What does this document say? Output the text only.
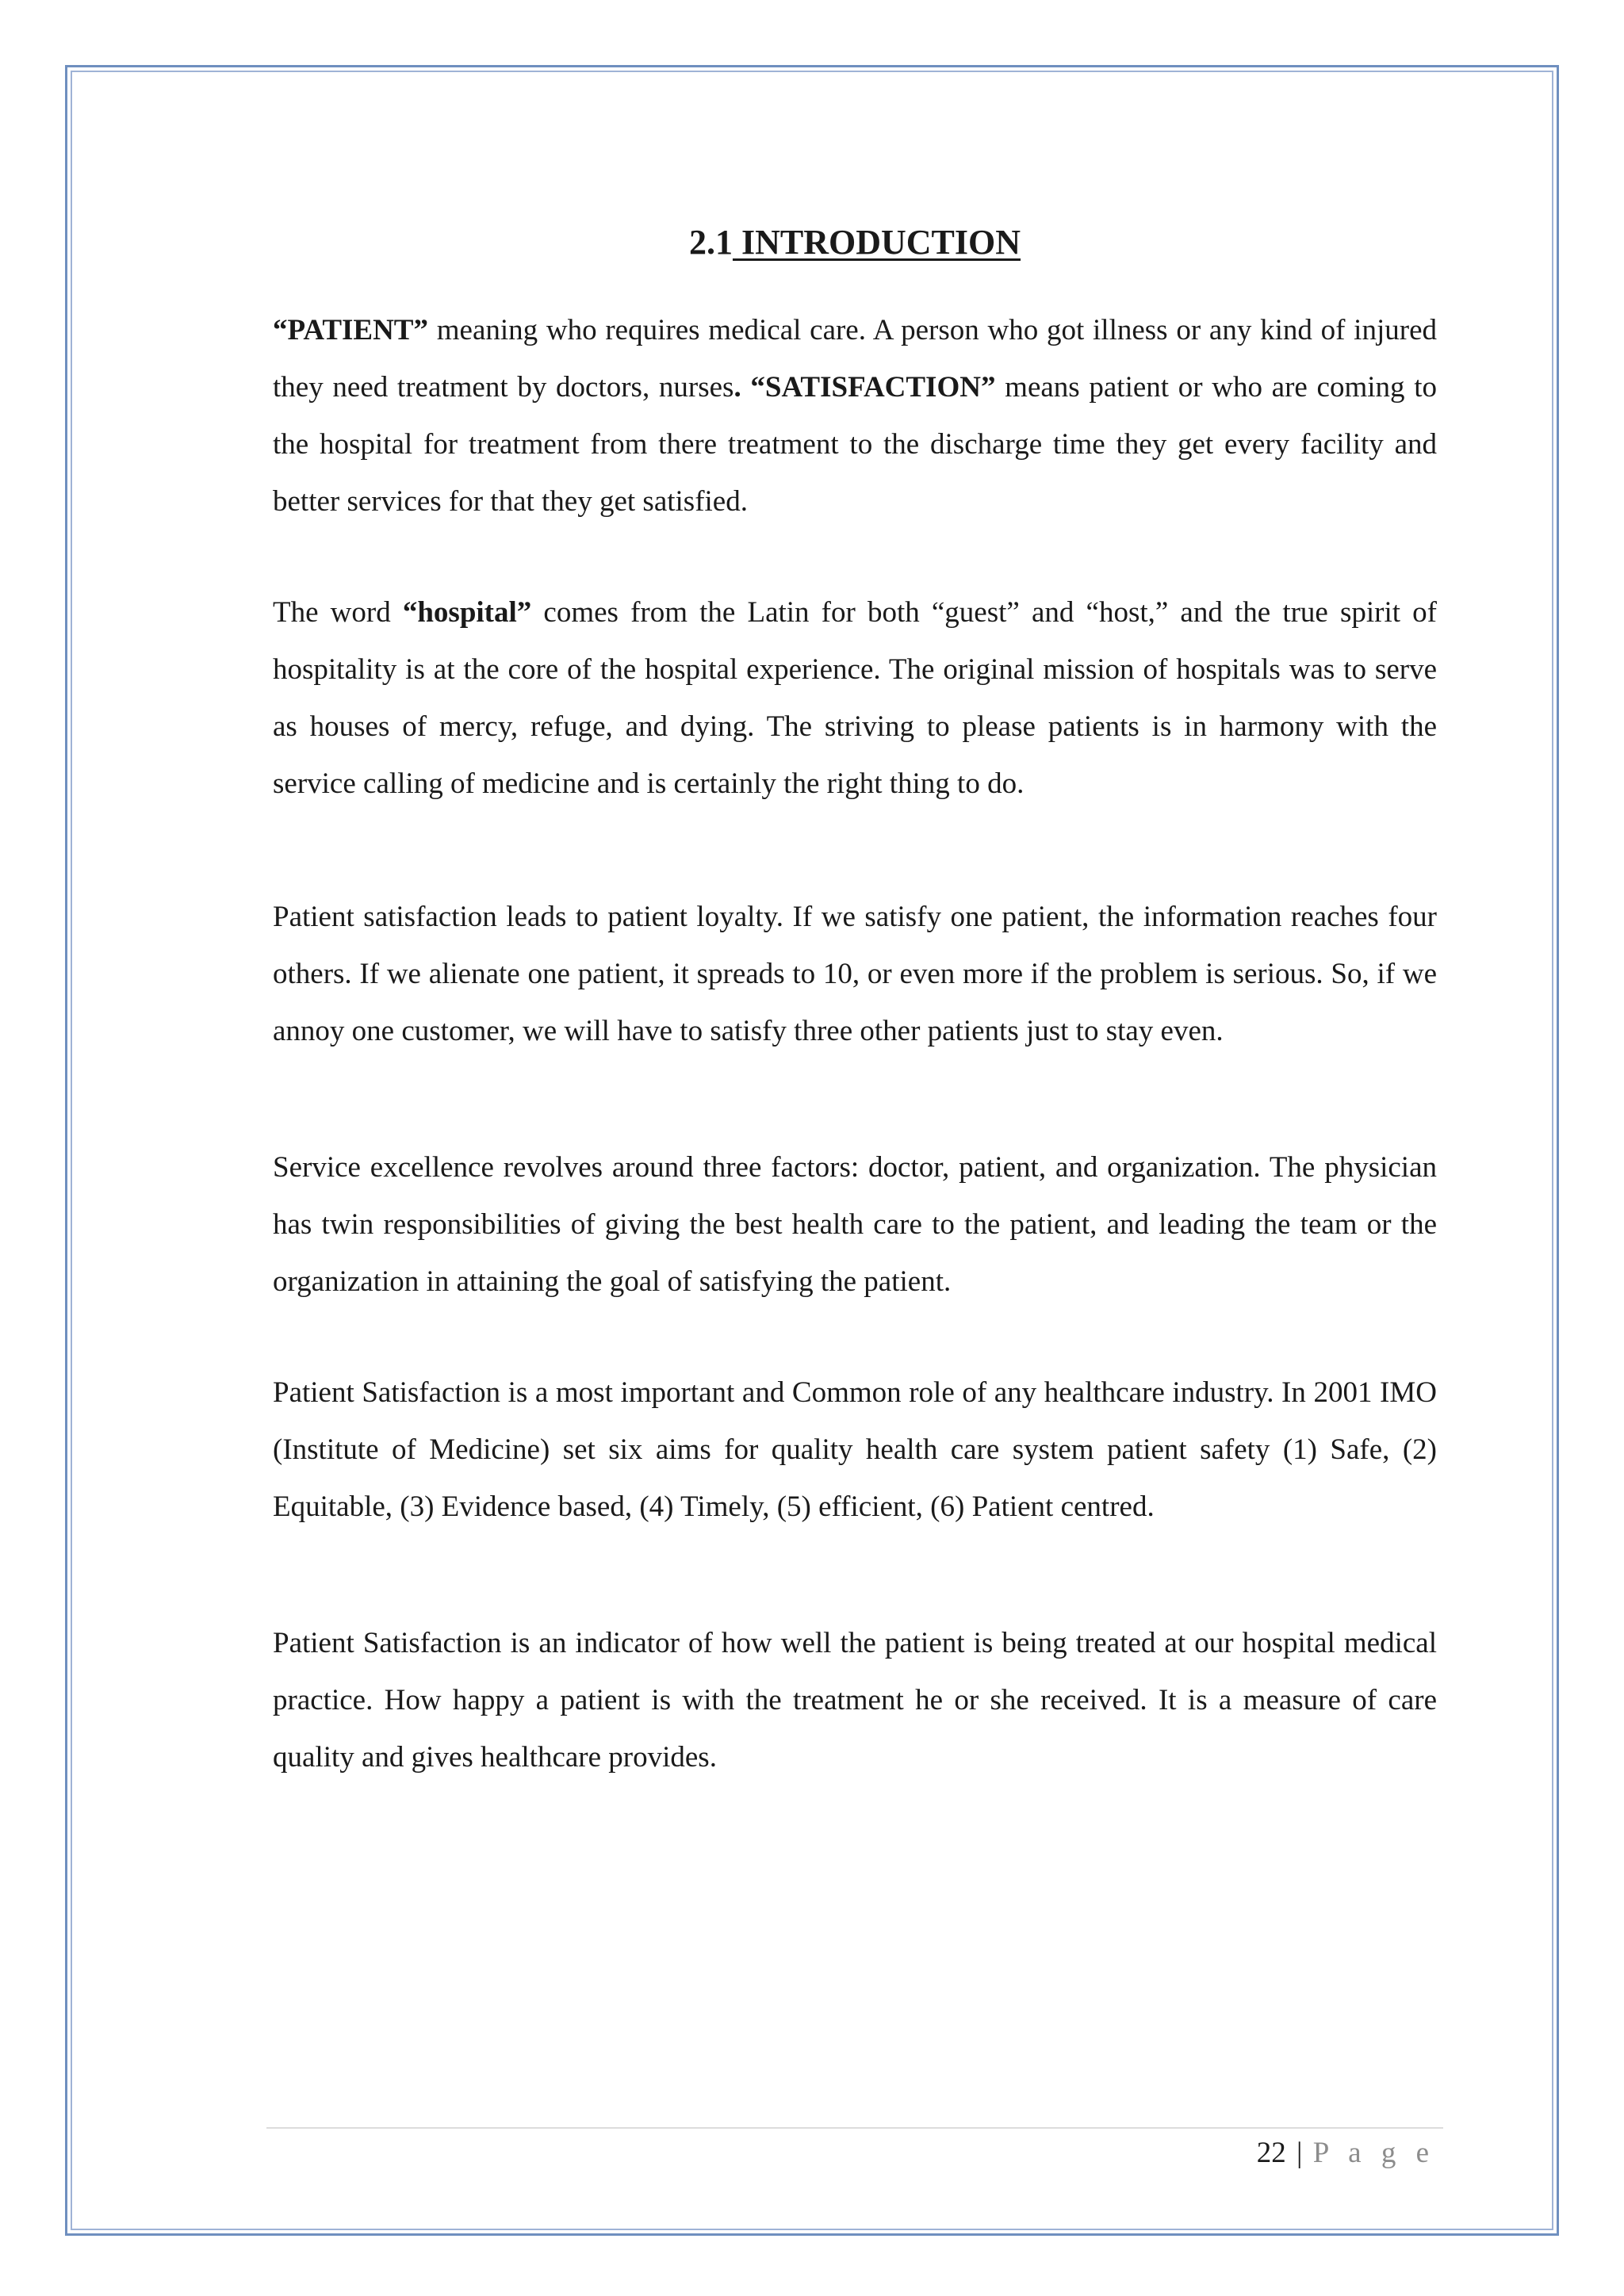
2.1 INTRODUCTION

“PATIENT” meaning who requires medical care. A person who got illness or any kind of injured they need treatment by doctors, nurses. “SATISFACTION” means patient or who are coming to the hospital for treatment from there treatment to the discharge time they get every facility and better services for that they get satisfied.

The word “hospital” comes from the Latin for both “guest” and “host,” and the true spirit of hospitality is at the core of the hospital experience. The original mission of hospitals was to serve as houses of mercy, refuge, and dying. The striving to please patients is in harmony with the service calling of medicine and is certainly the right thing to do.

Patient satisfaction leads to patient loyalty. If we satisfy one patient, the information reaches four others. If we alienate one patient, it spreads to 10, or even more if the problem is serious. So, if we annoy one customer, we will have to satisfy three other patients just to stay even.

Service excellence revolves around three factors: doctor, patient, and organization. The physician has twin responsibilities of giving the best health care to the patient, and leading the team or the organization in attaining the goal of satisfying the patient.

Patient Satisfaction is a most important and Common role of any healthcare industry. In 2001 IMO (Institute of Medicine) set six aims for quality health care system patient safety (1) Safe, (2) Equitable, (3) Evidence based, (4) Timely, (5) efficient, (6) Patient centred.

Patient Satisfaction is an indicator of how well the patient is being treated at our hospital medical practice. How happy a patient is with the treatment he or she received. It is a measure of care quality and gives healthcare provides.

22 | P a g e
